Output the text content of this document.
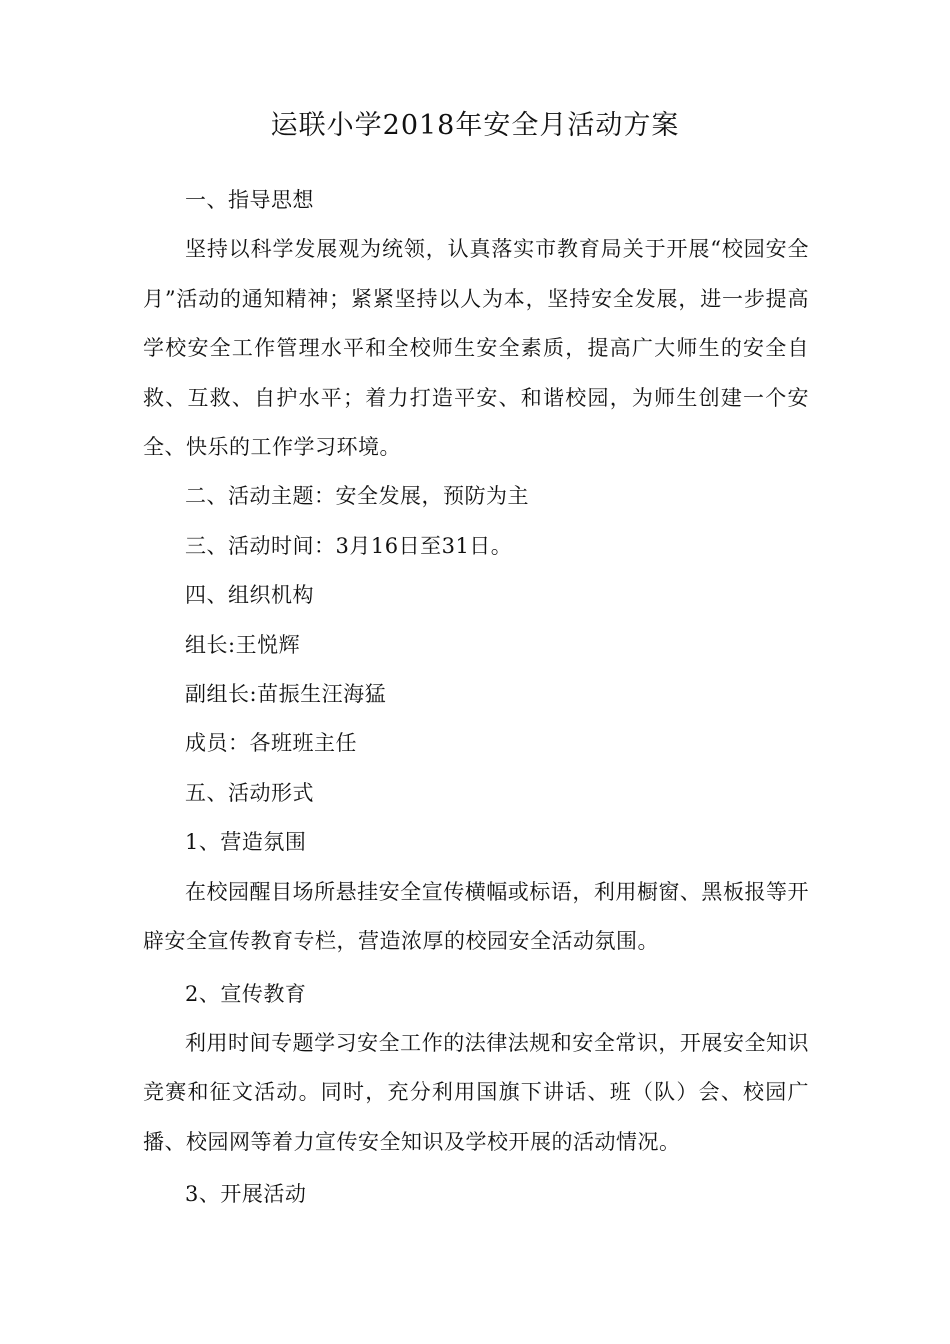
运联小学2018年安全月活动方案

一、指导思想

坚持以科学发展观为统领，认真落实市教育局关于开展“校园安全月”活动的通知精神；紧紧坚持以人为本，坚持安全发展，进一步提高学校安全工作管理水平和全校师生安全素质，提高广大师生的安全自救、互救、自护水平；着力打造平安、和谐校园，为师生创建一个安全、快乐的工作学习环境。

二、活动主题：安全发展，预防为主

三、活动时间：3月16日至31日。

四、组织机构

组长:王悦辉

副组长:苗振生汪海猛

成员：各班班主任

五、活动形式

1、营造氛围

在校园醒目场所悬挂安全宣传横幅或标语，利用橱窗、黑板报等开辟安全宣传教育专栏，营造浓厚的校园安全活动氛围。

2、宣传教育

利用时间专题学习安全工作的法律法规和安全常识，开展安全知识竞赛和征文活动。同时，充分利用国旗下讲话、班（队）会、校园广播、校园网等着力宣传安全知识及学校开展的活动情况。

3、开展活动
